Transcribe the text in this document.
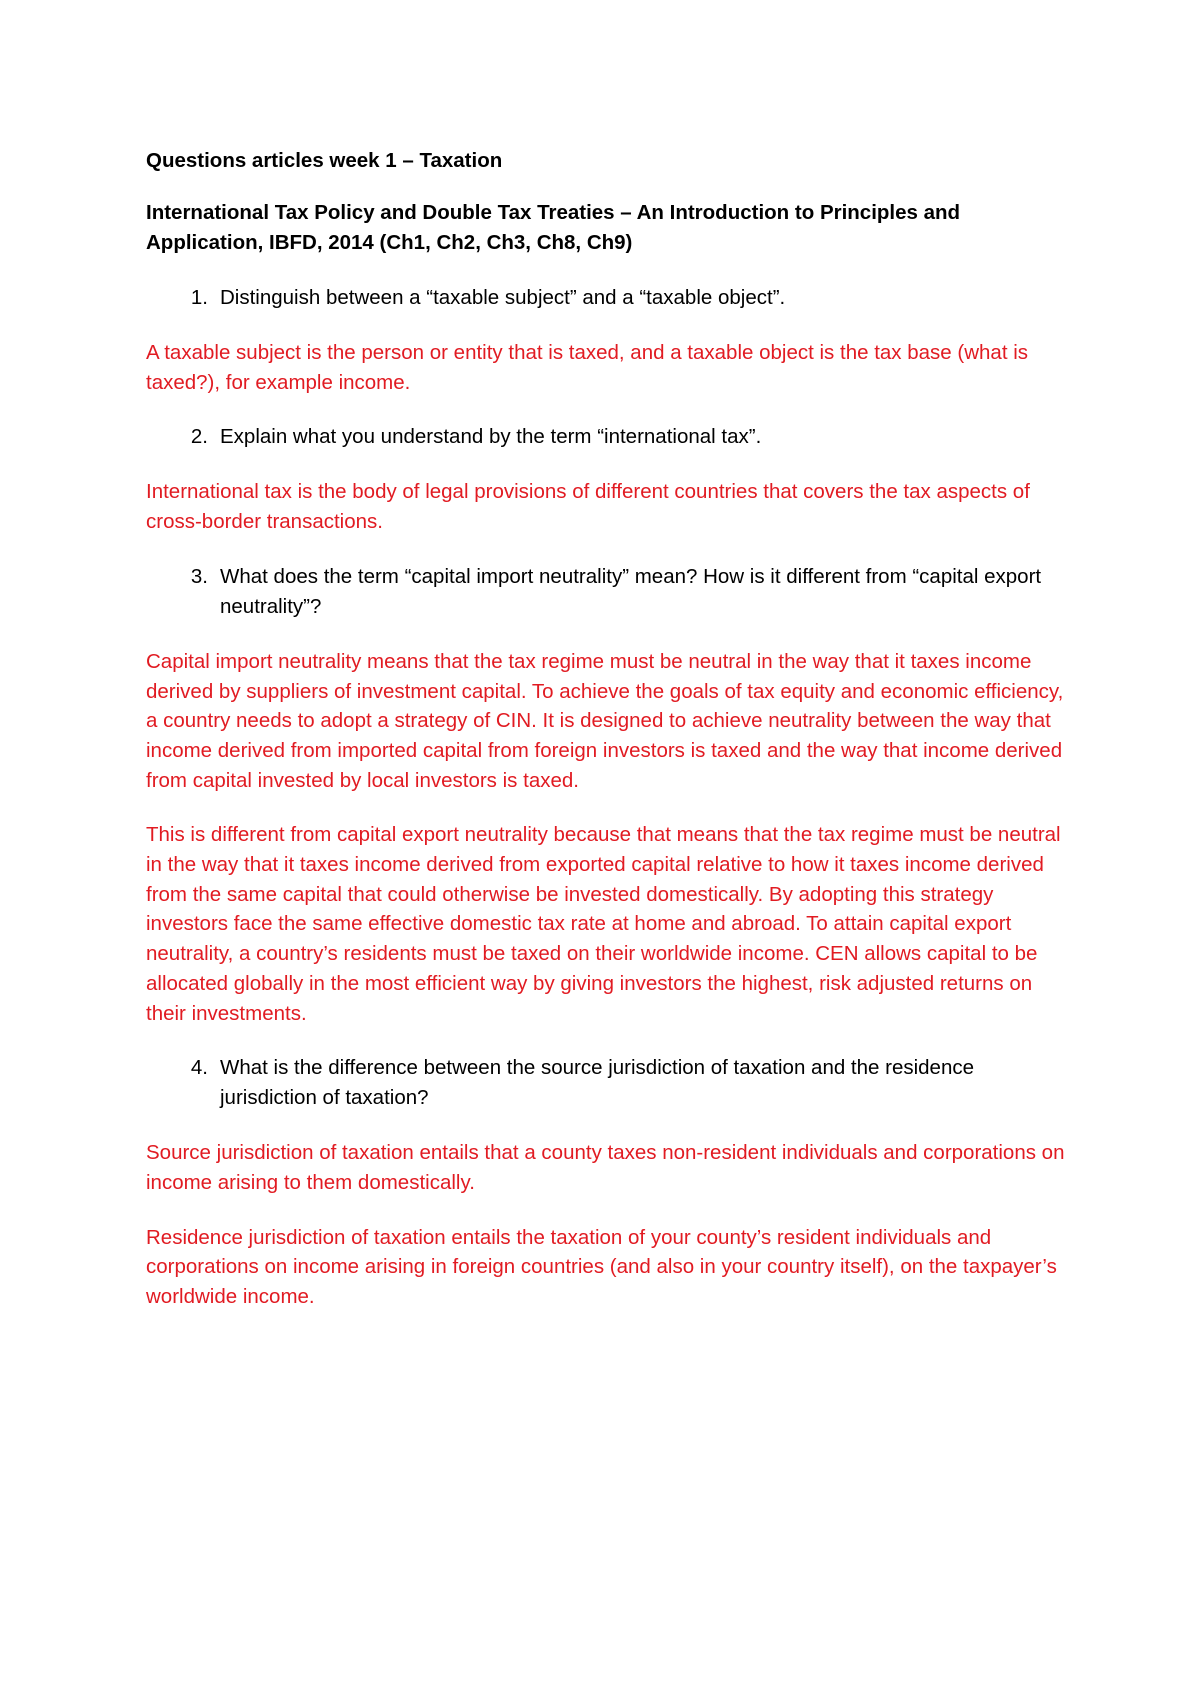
Questions articles week 1 – Taxation
International Tax Policy and Double Tax Treaties – An Introduction to Principles and Application, IBFD, 2014 (Ch1, Ch2, Ch3, Ch8, Ch9)
1. Distinguish between a “taxable subject” and a “taxable object”.
A taxable subject is the person or entity that is taxed, and a taxable object is the tax base (what is taxed?), for example income.
2. Explain what you understand by the term “international tax”.
International tax is the body of legal provisions of different countries that covers the tax aspects of cross-border transactions.
3. What does the term “capital import neutrality” mean? How is it different from “capital export neutrality”?
Capital import neutrality means that the tax regime must be neutral in the way that it taxes income derived by suppliers of investment capital. To achieve the goals of tax equity and economic efficiency, a country needs to adopt a strategy of CIN. It is designed to achieve neutrality between the way that income derived from imported capital from foreign investors is taxed and the way that income derived from capital invested by local investors is taxed.
This is different from capital export neutrality because that means that the tax regime must be neutral in the way that it taxes income derived from exported capital relative to how it taxes income derived from the same capital that could otherwise be invested domestically. By adopting this strategy investors face the same effective domestic tax rate at home and abroad. To attain capital export neutrality, a country’s residents must be taxed on their worldwide income. CEN allows capital to be allocated globally in the most efficient way by giving investors the highest, risk adjusted returns on their investments.
4. What is the difference between the source jurisdiction of taxation and the residence jurisdiction of taxation?
Source jurisdiction of taxation entails that a county taxes non-resident individuals and corporations on income arising to them domestically.
Residence jurisdiction of taxation entails the taxation of your county’s resident individuals and corporations on income arising in foreign countries (and also in your country itself), on the taxpayer’s worldwide income.
